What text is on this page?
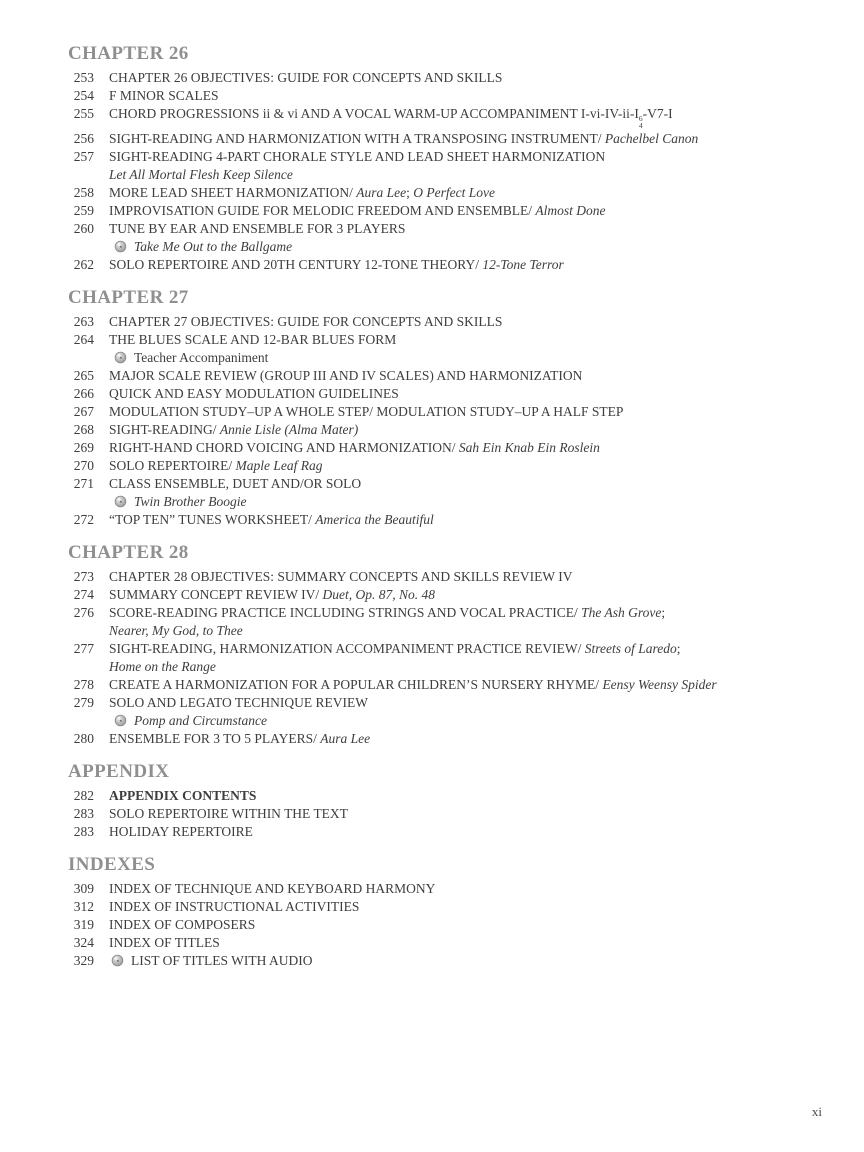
CHAPTER 26
253 CHAPTER 26 OBJECTIVES: GUIDE FOR CONCEPTS AND SKILLS
254 F MINOR SCALES
255 CHORD PROGRESSIONS ii & vi AND A VOCAL WARM-UP ACCOMPANIMENT I-vi-IV-ii-I 6
4
-V7-I
256 SIGHT-READING AND HARMONIZATION WITH A TRANSPOSING INSTRUMENT/ Pachelbel Canon
257 SIGHT-READING 4-PART CHORALE STYLE AND LEAD SHEET HARMONIZATION
Let All Mortal Flesh Keep Silence
258 MORE LEAD SHEET HARMONIZATION/ Aura Lee; O Perfect Love
259 IMPROVISATION GUIDE FOR MELODIC FREEDOM AND ENSEMBLE/ Almost Done
260 TUNE BY EAR AND ENSEMBLE FOR 3 PLAYERS
Take Me Out to the Ballgame
262 SOLO REPERTOIRE AND 20TH CENTURY 12-TONE THEORY/ 12-Tone Terror
CHAPTER 27
263 CHAPTER 27 OBJECTIVES: GUIDE FOR CONCEPTS AND SKILLS
264 THE BLUES SCALE AND 12-BAR BLUES FORM
Teacher Accompaniment
265 MAJOR SCALE REVIEW (GROUP III AND IV SCALES) AND HARMONIZATION
266 QUICK AND EASY MODULATION GUIDELINES
267 MODULATION STUDY–UP A WHOLE STEP/ MODULATION STUDY–UP A HALF STEP
268 SIGHT-READING/ Annie Lisle (Alma Mater)
269 RIGHT-HAND CHORD VOICING AND HARMONIZATION/ Sah Ein Knab Ein Roslein
270 SOLO REPERTOIRE/ Maple Leaf Rag
271 CLASS ENSEMBLE, DUET AND/OR SOLO
Twin Brother Boogie
272 “TOP TEN” TUNES WORKSHEET/ America the Beautiful
CHAPTER 28
273 CHAPTER 28 OBJECTIVES: SUMMARY CONCEPTS AND SKILLS REVIEW IV
274 SUMMARY CONCEPT REVIEW IV/ Duet, Op. 87, No. 48
276 SCORE-READING PRACTICE INCLUDING STRINGS AND VOCAL PRACTICE/ The Ash Grove;
Nearer, My God, to Thee
277 SIGHT-READING, HARMONIZATION ACCOMPANIMENT PRACTICE REVIEW/ Streets of Laredo;
Home on the Range
278 CREATE A HARMONIZATION FOR A POPULAR CHILDREN’S NURSERY RHYME/ Eensy Weensy Spider
279 SOLO AND LEGATO TECHNIQUE REVIEW
Pomp and Circumstance
280 ENSEMBLE FOR 3 TO 5 PLAYERS/ Aura Lee
APPENDIX
282 APPENDIX CONTENTS
283 SOLO REPERTOIRE WITHIN THE TEXT
283 HOLIDAY REPERTOIRE
INDEXES
309 INDEX OF TECHNIQUE AND KEYBOARD HARMONY
312 INDEX OF INSTRUCTIONAL ACTIVITIES
319 INDEX OF COMPOSERS
324 INDEX OF TITLES
329	LIST OF TITLES WITH AUDIO
xi
